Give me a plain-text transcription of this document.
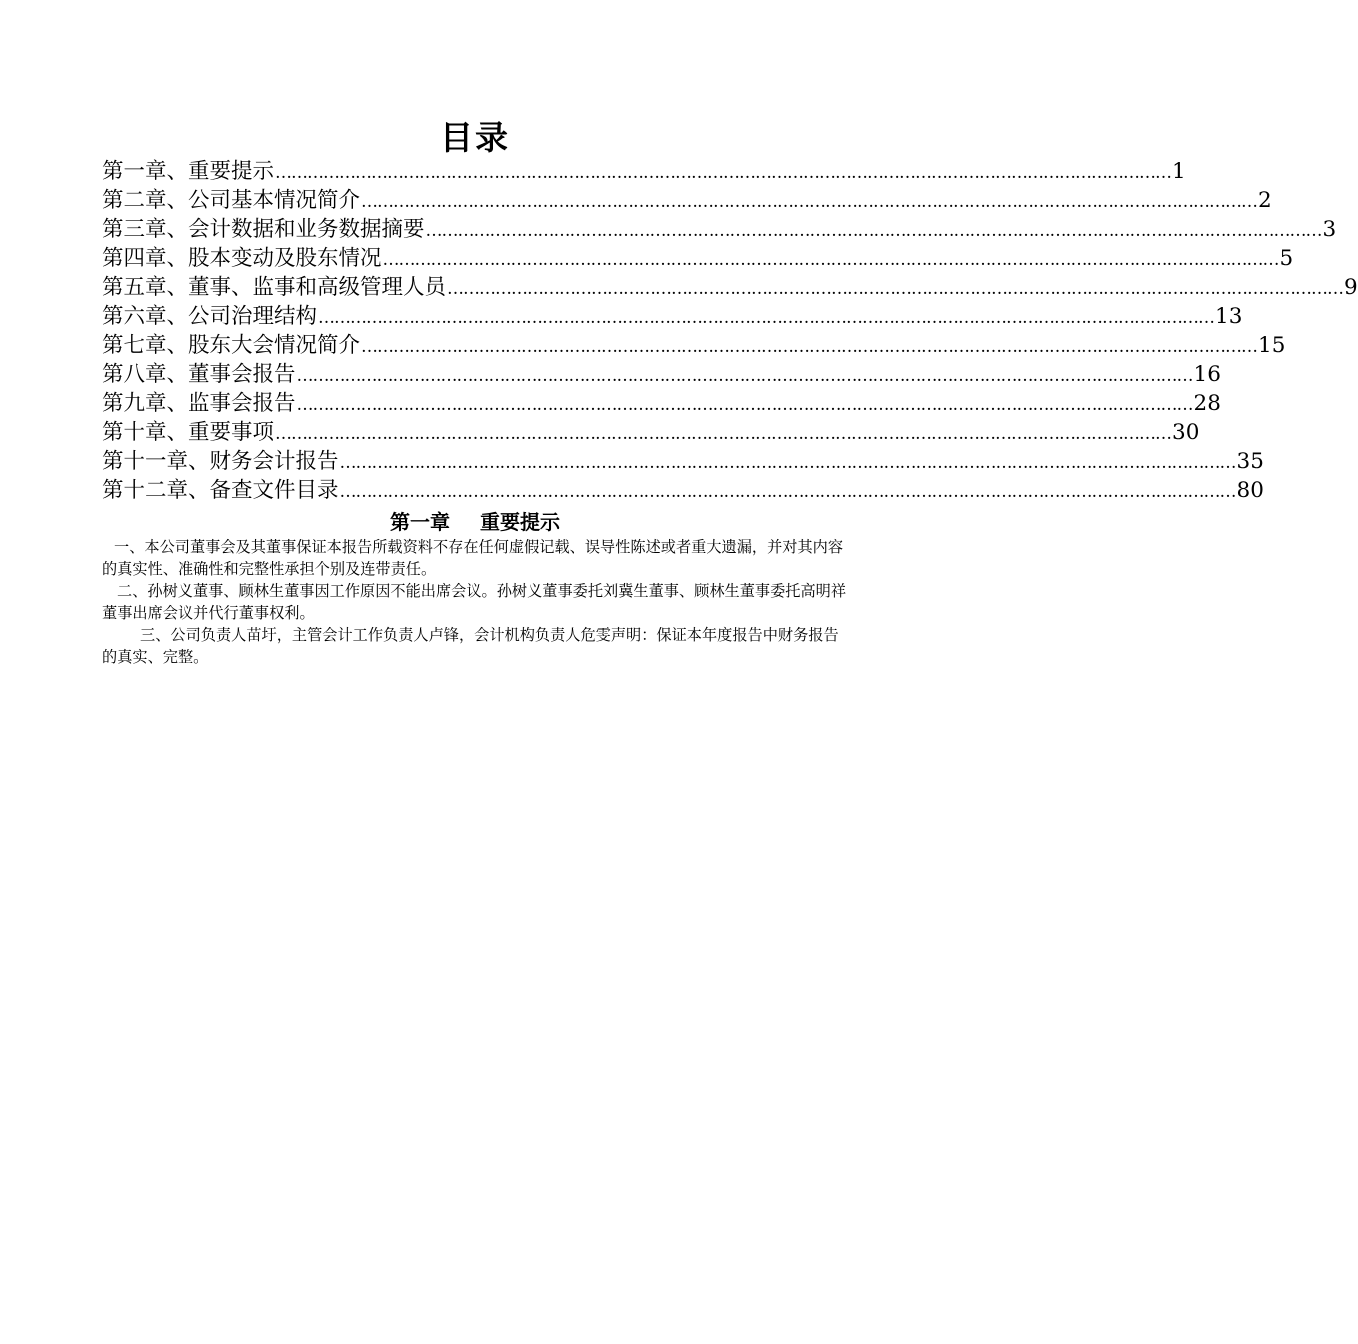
目录
第一章、重要提示 …………………………………………………………………………………………………………………………………………………… 1
第二章、公司基本情况简介 …………………………………………………………………………………………………………………………………………………… 2
第三章、会计数据和业务数据摘要 …………………………………………………………………………………………………………………………………………………… 3
第四章、股本变动及股东情况 …………………………………………………………………………………………………………………………………………………… 5
第五章、董事、监事和高级管理人员 …………………………………………………………………………………………………………………………………………………… 9
第六章、公司治理结构 …………………………………………………………………………………………………………………………………………………… 13
第七章、股东大会情况简介 …………………………………………………………………………………………………………………………………………………… 15
第八章、董事会报告 …………………………………………………………………………………………………………………………………………………… 16
第九章、监事会报告 …………………………………………………………………………………………………………………………………………………… 28
第十章、重要事项 …………………………………………………………………………………………………………………………………………………… 30
第十一章、财务会计报告 …………………………………………………………………………………………………………………………………………………… 35
第十二章、备查文件目录 …………………………………………………………………………………………………………………………………………………… 80
第一章 重要提示

一、本公司董事会及其董事保证本报告所载资料不存在任何虚假记载、误导性陈述或者重大遗漏，并对其内容的真实性、准确性和完整性承担个别及连带责任。

二、孙树义董事、顾林生董事因工作原因不能出席会议。孙树义董事委托刘冀生董事、顾林生董事委托高明祥董事出席会议并代行董事权利。

三、公司负责人苗圩，主管会计工作负责人卢锋，会计机构负责人危雯声明：保证本年度报告中财务报告的真实、完整。
